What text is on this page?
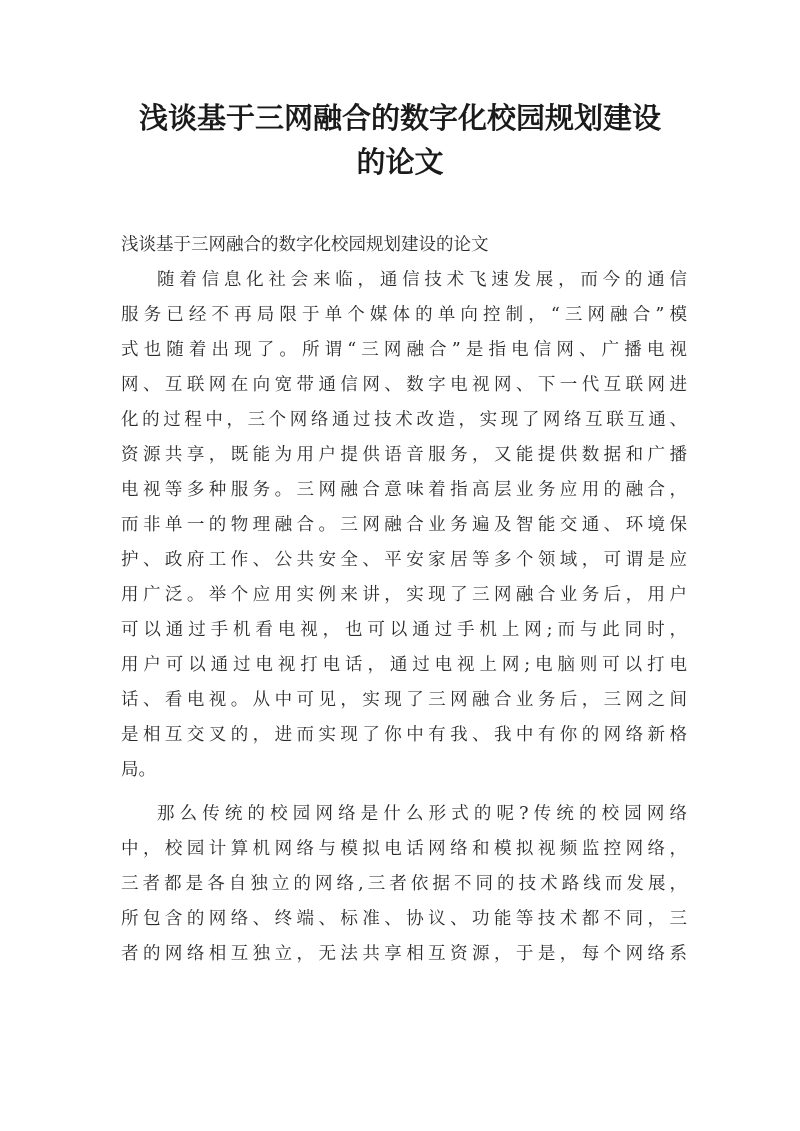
浅谈基于三网融合的数字化校园规划建设
的论文
浅谈基于三网融合的数字化校园规划建设的论文
随着信息化社会来临，通信技术飞速发展，而今的通信
服务已经不再局限于单个媒体的单向控制，“三网融合”模
式也随着出现了。所谓“三网融合”是指电信网、广播电视
网、互联网在向宽带通信网、数字电视网、下一代互联网进
化的过程中，三个网络通过技术改造，实现了网络互联互通、
资源共享，既能为用户提供语音服务，又能提供数据和广播
电视等多种服务。三网融合意味着指高层业务应用的融合，
而非单一的物理融合。三网融合业务遍及智能交通、环境保
护、政府工作、公共安全、平安家居等多个领域，可谓是应
用广泛。举个应用实例来讲，实现了三网融合业务后，用户
可以通过手机看电视，也可以通过手机上网;而与此同时，
用户可以通过电视打电话，通过电视上网;电脑则可以打电
话、看电视。从中可见，实现了三网融合业务后，三网之间
是相互交叉的，进而实现了你中有我、我中有你的网络新格
局。
那么传统的校园网络是什么形式的呢?传统的校园网络
中，校园计算机网络与模拟电话网络和模拟视频监控网络，
三者都是各自独立的网络,三者依据不同的技术路线而发展，
所包含的网络、终端、标准、协议、功能等技术都不同，三
者的网络相互独立，无法共享相互资源，于是，每个网络系
